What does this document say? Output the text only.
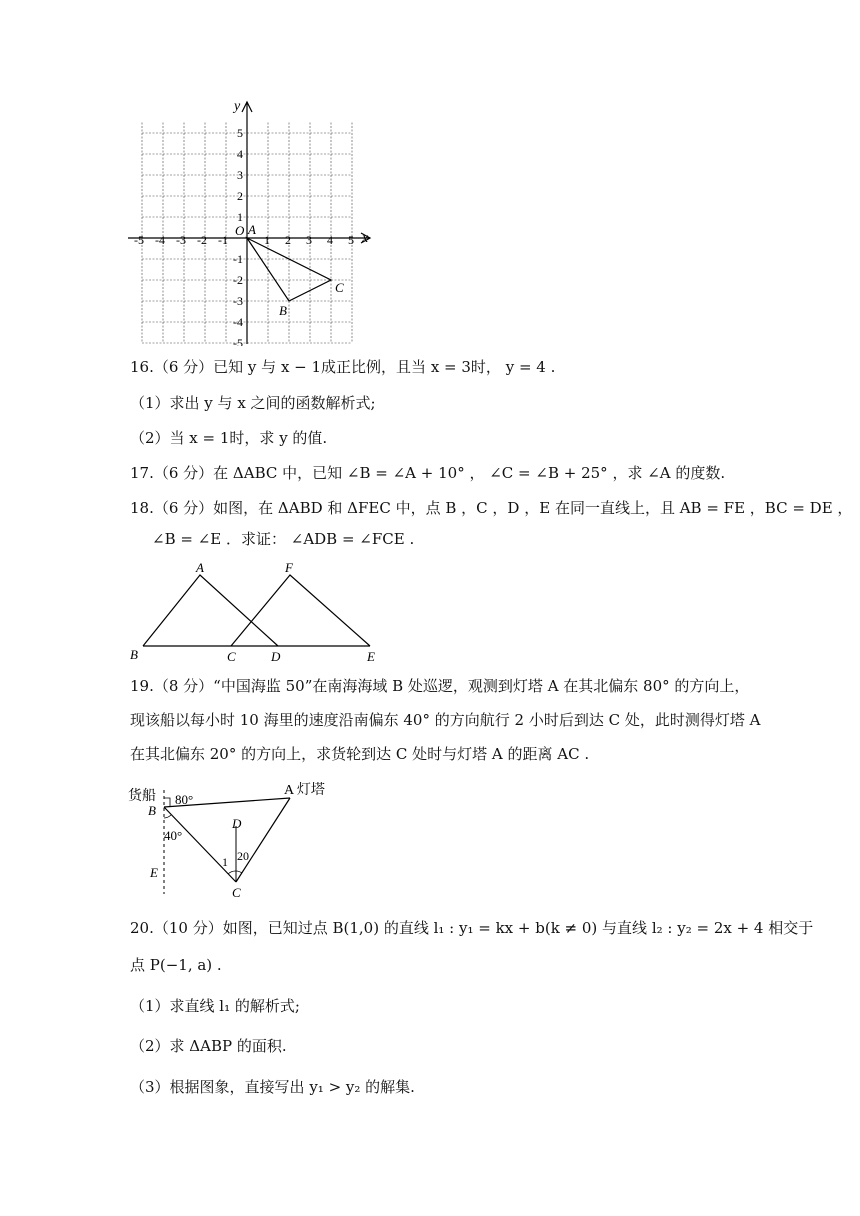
y
x
O
-5 -4 -3 -2 -1	1 2 3 4 5
5
4
3
2
1
-1
-2
-3
-4
-5
A
B
C
16.（6 分）已知 y 与 x − 1成正比例，且当 x = 3时， y = 4 .
（1）求出 y 与 x 之间的函数解析式;
（2）当 x = 1时，求 y 的值.
17.（6 分）在 ΔABC 中，已知 ∠B = ∠A + 10° ， ∠C = ∠B + 25° ，求 ∠A 的度数.
18.（6 分）如图，在 ΔABD 和 ΔFEC 中，点 B ，C ，D ，E 在同一直线上，且 AB = FE ，BC = DE ，
∠B = ∠E ．求证： ∠ADB = ∠FCE .
A	F
B	C	D	E
19.（8 分）“中国海监 50”在南海海域 B 处巡逻，观测到灯塔 A 在其北偏东 80° 的方向上，
现该船以每小时 10 海里的速度沿南偏东 40° 的方向航行 2 小时后到达 C 处，此时测得灯塔 A
在其北偏东 20° 的方向上，求货轮到达 C 处时与灯塔 A 的距离 AC .
货船 80°
A 灯塔
B
40°
D
1 20
E
C
20.（10 分）如图，已知过点 B(1,0) 的直线 l₁ : y₁ = kx + b(k ≠ 0) 与直线 l₂ : y₂ = 2x + 4 相交于
点 P(−1, a) .
（1）求直线 l₁ 的解析式;
（2）求 ΔABP 的面积.
（3）根据图象，直接写出 y₁ > y₂ 的解集.
